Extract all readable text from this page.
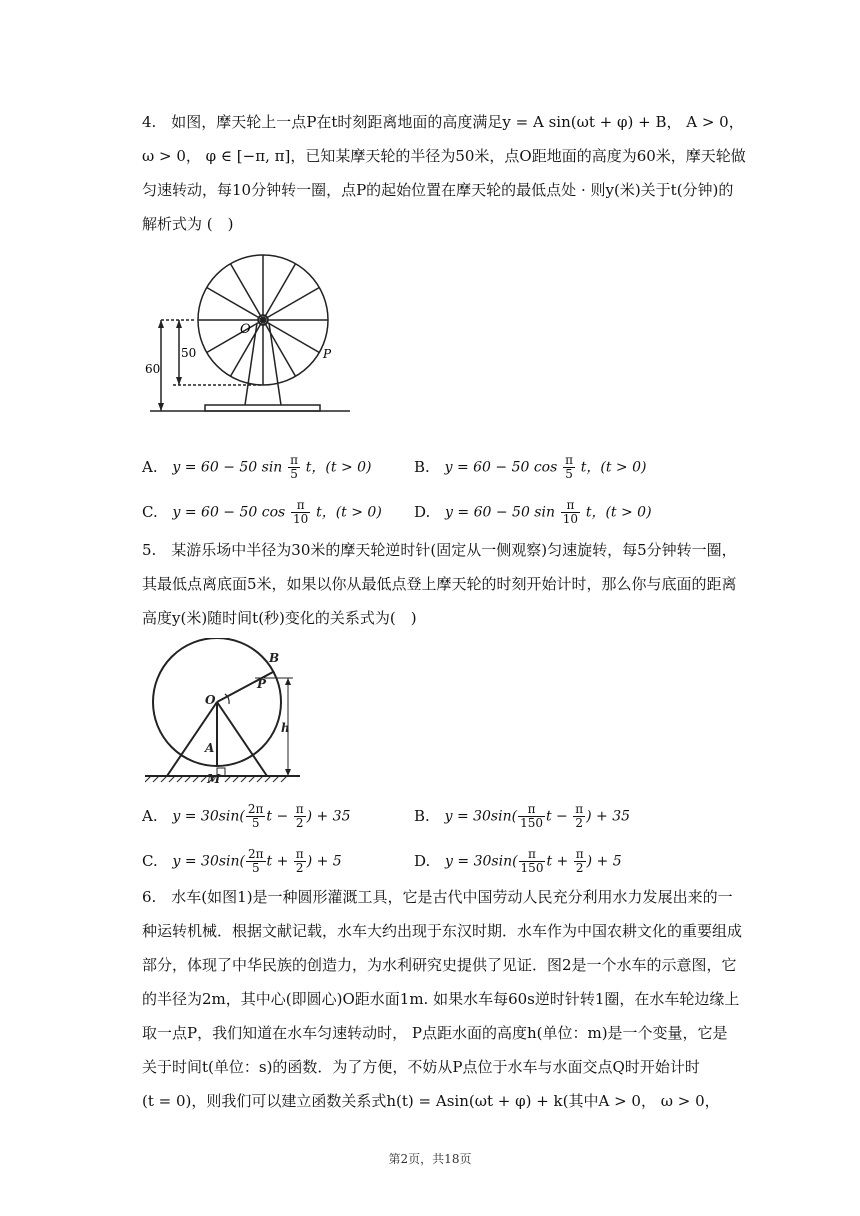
4.　如图，摩天轮上一点P在t时刻距离地面的高度满足y = A sin(ωt + φ) + B， A > 0，
ω > 0， φ ∈ [−π, π]，已知某摩天轮的半径为50米，点O距地面的高度为60米，摩天轮做
匀速转动，每10分钟转一圈，点P的起始位置在摩天轮的最低点处 · 则y(米)关于t(分钟)的
解析式为 (　)
O
P
60
50
A. y = 60 − 50 $\sin \frac{\pi}{5}$ t，(t > 0)	B. y = 60 − 50 $\cos \frac{\pi}{5}$ t，(t > 0)
C. y = 60 − 50 $\cos \frac{\pi}{10}$ t，(t > 0) D. y = 60 − 50 $\sin \frac{\pi}{10}$ t，(t > 0)
5.　某游乐场中半径为30米的摩天轮逆时针(固定从一侧观察)匀速旋转，每5分钟转一圈，
其最低点离底面5米，如果以你从最低点登上摩天轮的时刻开始计时，那么你与底面的距离
高度y(米)随时间t(秒)变化的关系式为(　)
O
A
B
P
M
h
A. $y = 30\sin( \frac{2\pi}{5}$ $t - \frac{\pi}{2}$ ) + 35	B. $y = 30\sin( \frac{\pi}{150}$ $t - \frac{\pi}{2}$ ) + 35
C. $y = 30\sin( \frac{2\pi}{5}$ $t + \frac{\pi}{2}$ ) + 5	D. $y = 30\sin( \frac{\pi}{150}$ $t + \frac{\pi}{2}$ ) + 5
6.　水车(如图1)是一种圆形灌溉工具，它是古代中国劳动人民充分利用水力发展出来的一
种运转机械．根据文献记载，水车大约出现于东汉时期．水车作为中国农耕文化的重要组成
部分，体现了中华民族的创造力，为水利研究史提供了见证．图2是一个水车的示意图，它
的半径为2m，其中心(即圆心)O距水面1m. 如果水车每60s逆时针转1圈，在水车轮边缘上
取一点P，我们知道在水车匀速转动时， P点距水面的高度h(单位：m)是一个变量，它是
关于时间t(单位：s)的函数．为了方便，不妨从P点位于水车与水面交点Q时开始计时
(t = 0)，则我们可以建立函数关系式h(t) = Asin(ωt + φ) + k(其中A > 0， ω > 0，
第2页，共18页
